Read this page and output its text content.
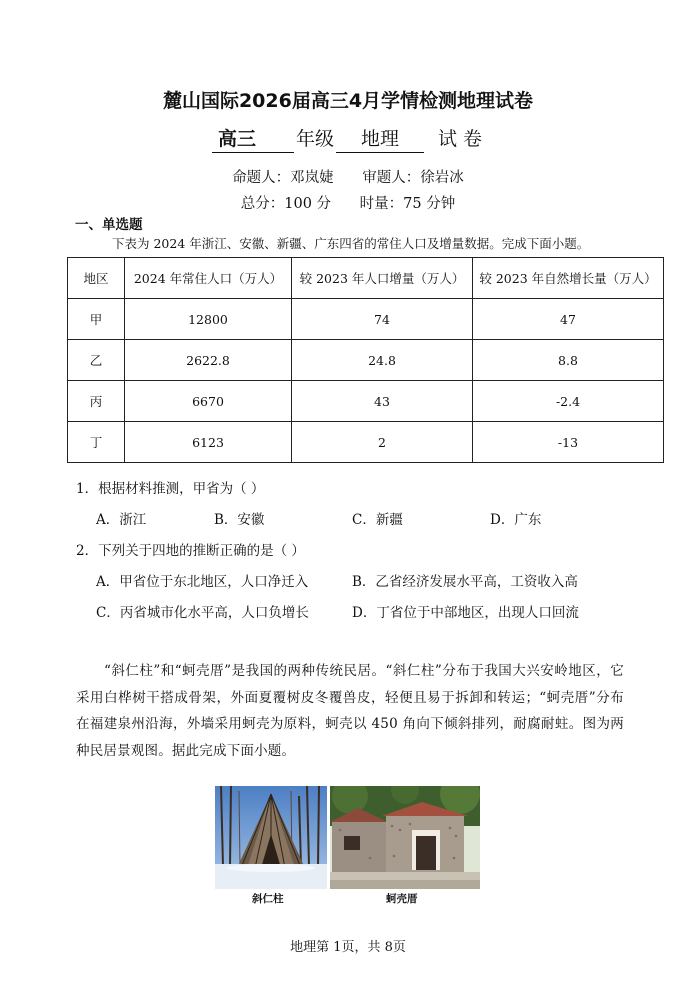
麓山国际2026届高三4月学情检测地理试卷
高三 年级 地理 试 卷
命题人：邓岚婕 审题人：徐岩冰
总分：100 分 时量：75 分钟
一、单选题
下表为 2024 年浙江、安徽、新疆、广东四省的常住人口及增量数据。完成下面小题。
地区	2024 年常住人口（万人）	较 2023 年人口增量（万人）	较 2023 年自然增长量（万人）
甲	12800	74	47
乙	2622.8	24.8	8.8
丙	6670	43	-2.4
丁	6123	2	-13
1．根据材料推测，甲省为（ ）
A．浙江	B．安徽	C．新疆	D．广东
2．下列关于四地的推断正确的是（ ）
A．甲省位于东北地区，人口净迁入	B．乙省经济发展水平高，工资收入高
C．丙省城市化水平高，人口负增长	D．丁省位于中部地区，出现人口回流
“斜仁柱”和“蚵壳厝”是我国的两种传统民居。“斜仁柱”分布于我国大兴安岭地区，它采用白桦树干搭成骨架，外面夏覆树皮冬覆兽皮，轻便且易于拆卸和转运；“蚵壳厝”分布在福建泉州沿海，外墙采用蚵壳为原料，蚵壳以 450 角向下倾斜排列，耐腐耐蛀。图为两种民居景观图。据此完成下面小题。
斜仁柱	蚵壳厝
地理第 1页，共 8页
